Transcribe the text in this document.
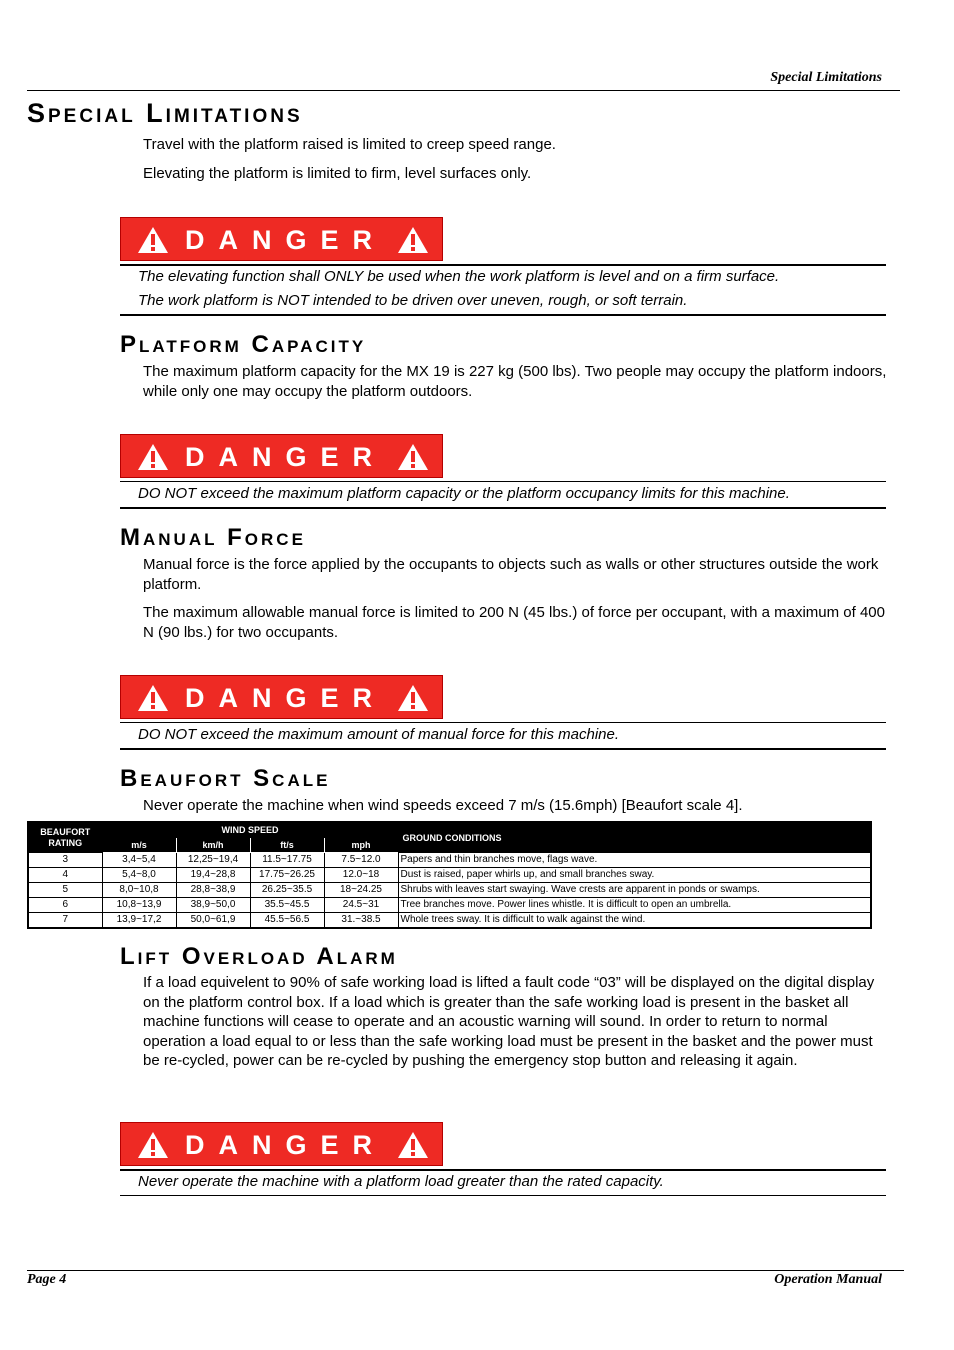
Special Limitations
Special Limitations
Travel with the platform raised is limited to creep speed range.
Elevating the platform is limited to firm, level surfaces only.
DANGER
The elevating function shall ONLY be used when the work platform is level and on a firm surface.
The work platform is NOT intended to be driven over uneven, rough, or soft terrain.
Platform Capacity
The maximum platform capacity for the MX 19 is 227 kg (500 lbs). Two people may occupy the platform indoors, while only one may occupy the platform outdoors.
DANGER
DO NOT exceed the maximum platform capacity or the platform occupancy limits for this machine.
Manual Force
Manual force is the force applied by the occupants to objects such as walls or other structures outside the work platform.
The maximum allowable manual force is limited to 200 N (45 lbs.) of force per occupant, with a maximum of 400 N (90 lbs.) for two occupants.
DANGER
DO NOT exceed the maximum amount of manual force for this machine.
Beaufort Scale
Never operate the machine when wind speeds exceed 7 m/s (15.6mph) [Beaufort scale 4].
BEAUFORT RATING	WIND SPEED				GROUND CONDITIONS
	m/s	km/h	ft/s	mph	
3	3,4~5,4	12,25~19,4	11.5~17.75	7.5~12.0	Papers and thin branches move, flags wave.
4	5,4~8,0	19,4~28,8	17.75~26.25	12.0~18	Dust is raised, paper whirls up, and small branches sway.
5	8,0~10,8	28,8~38,9	26.25~35.5	18~24.25	Shrubs with leaves start swaying. Wave crests are apparent in ponds or swamps.
6	10,8~13,9	38,9~50,0	35.5~45.5	24.5~31	Tree branches move. Power lines whistle. It is difficult to open an umbrella.
7	13,9~17,2	50,0~61,9	45.5~56.5	31.~38.5	Whole trees sway. It is difficult to walk against the wind.
Lift Overload Alarm
If a load equivelent to 90% of safe working load is lifted a fault code “03” will be displayed on the digital display on the platform control box. If a load which is greater than the safe working load is present in the basket all machine functions will cease to operate and an acoustic warning will sound. In order to return to normal operation a load equal to or less than the safe working load must be present in the basket and the power must be re-cycled, power can be re-cycled by pushing the emergency stop button and releasing it again.
DANGER
Never operate the machine with a platform load greater than the rated capacity.
Page 4	Operation Manual
